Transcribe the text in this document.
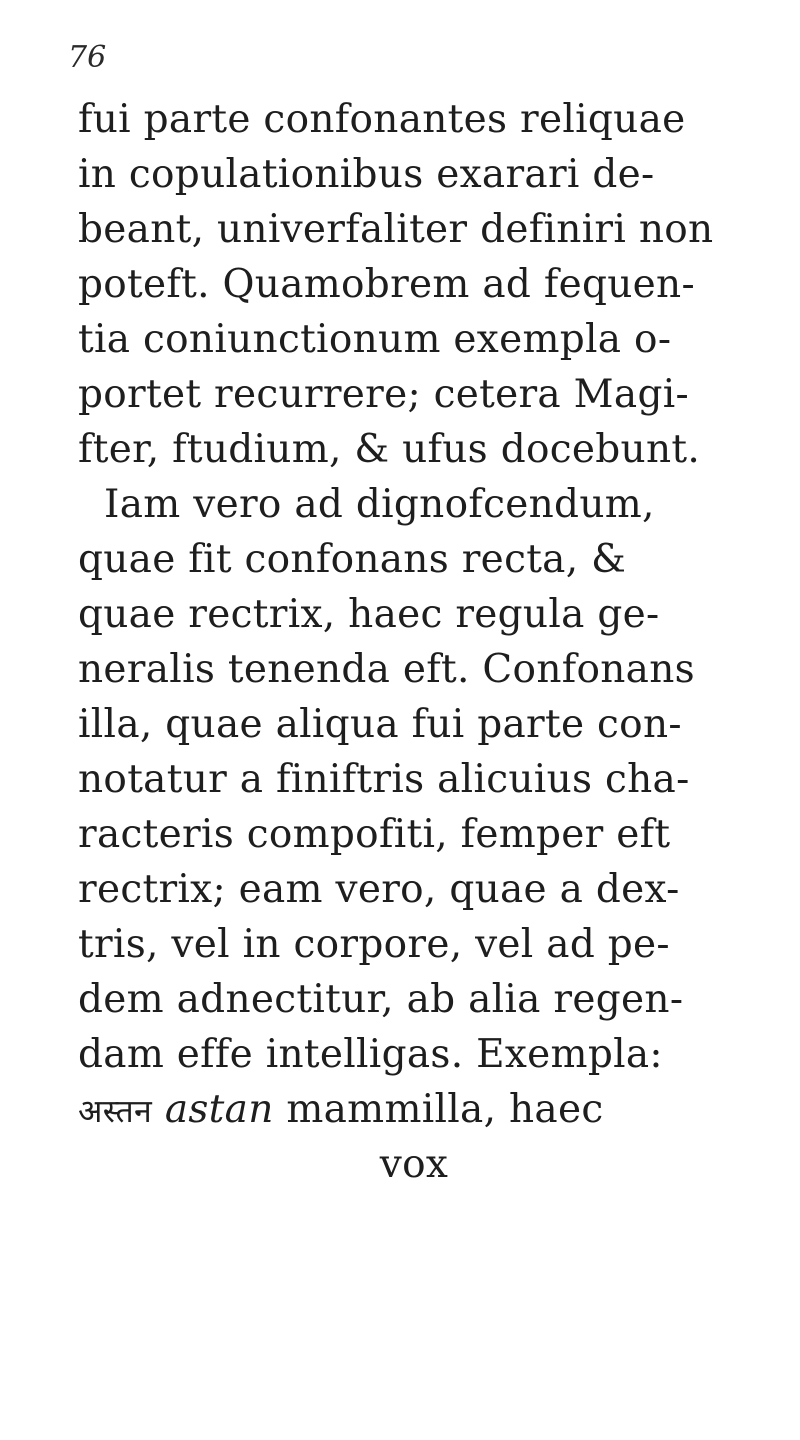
76
fui parte confonantes reliquae
in copulationibus exarari de-
beant, univerfaliter definiri non
poteft. Quamobrem ad fequen-
tia coniunctionum exempla o-
portet recurrere; cetera Magi-
fter, ftudium, & ufus docebunt.
Iam vero ad dignofcendum,
quae fit confonans recta, &
quae rectrix, haec regula ge-
neralis tenenda eft. Confonans
illa, quae aliqua fui parte con-
notatur a finiftris alicuius cha-
racteris compofiti, femper eft
rectrix; eam vero, quae a dex-
tris, vel in corpore, vel ad pe-
dem adnectitur, ab alia regen-
dam effe intelligas. Exempla:
अस्तन astan mammilla, haec
vox
